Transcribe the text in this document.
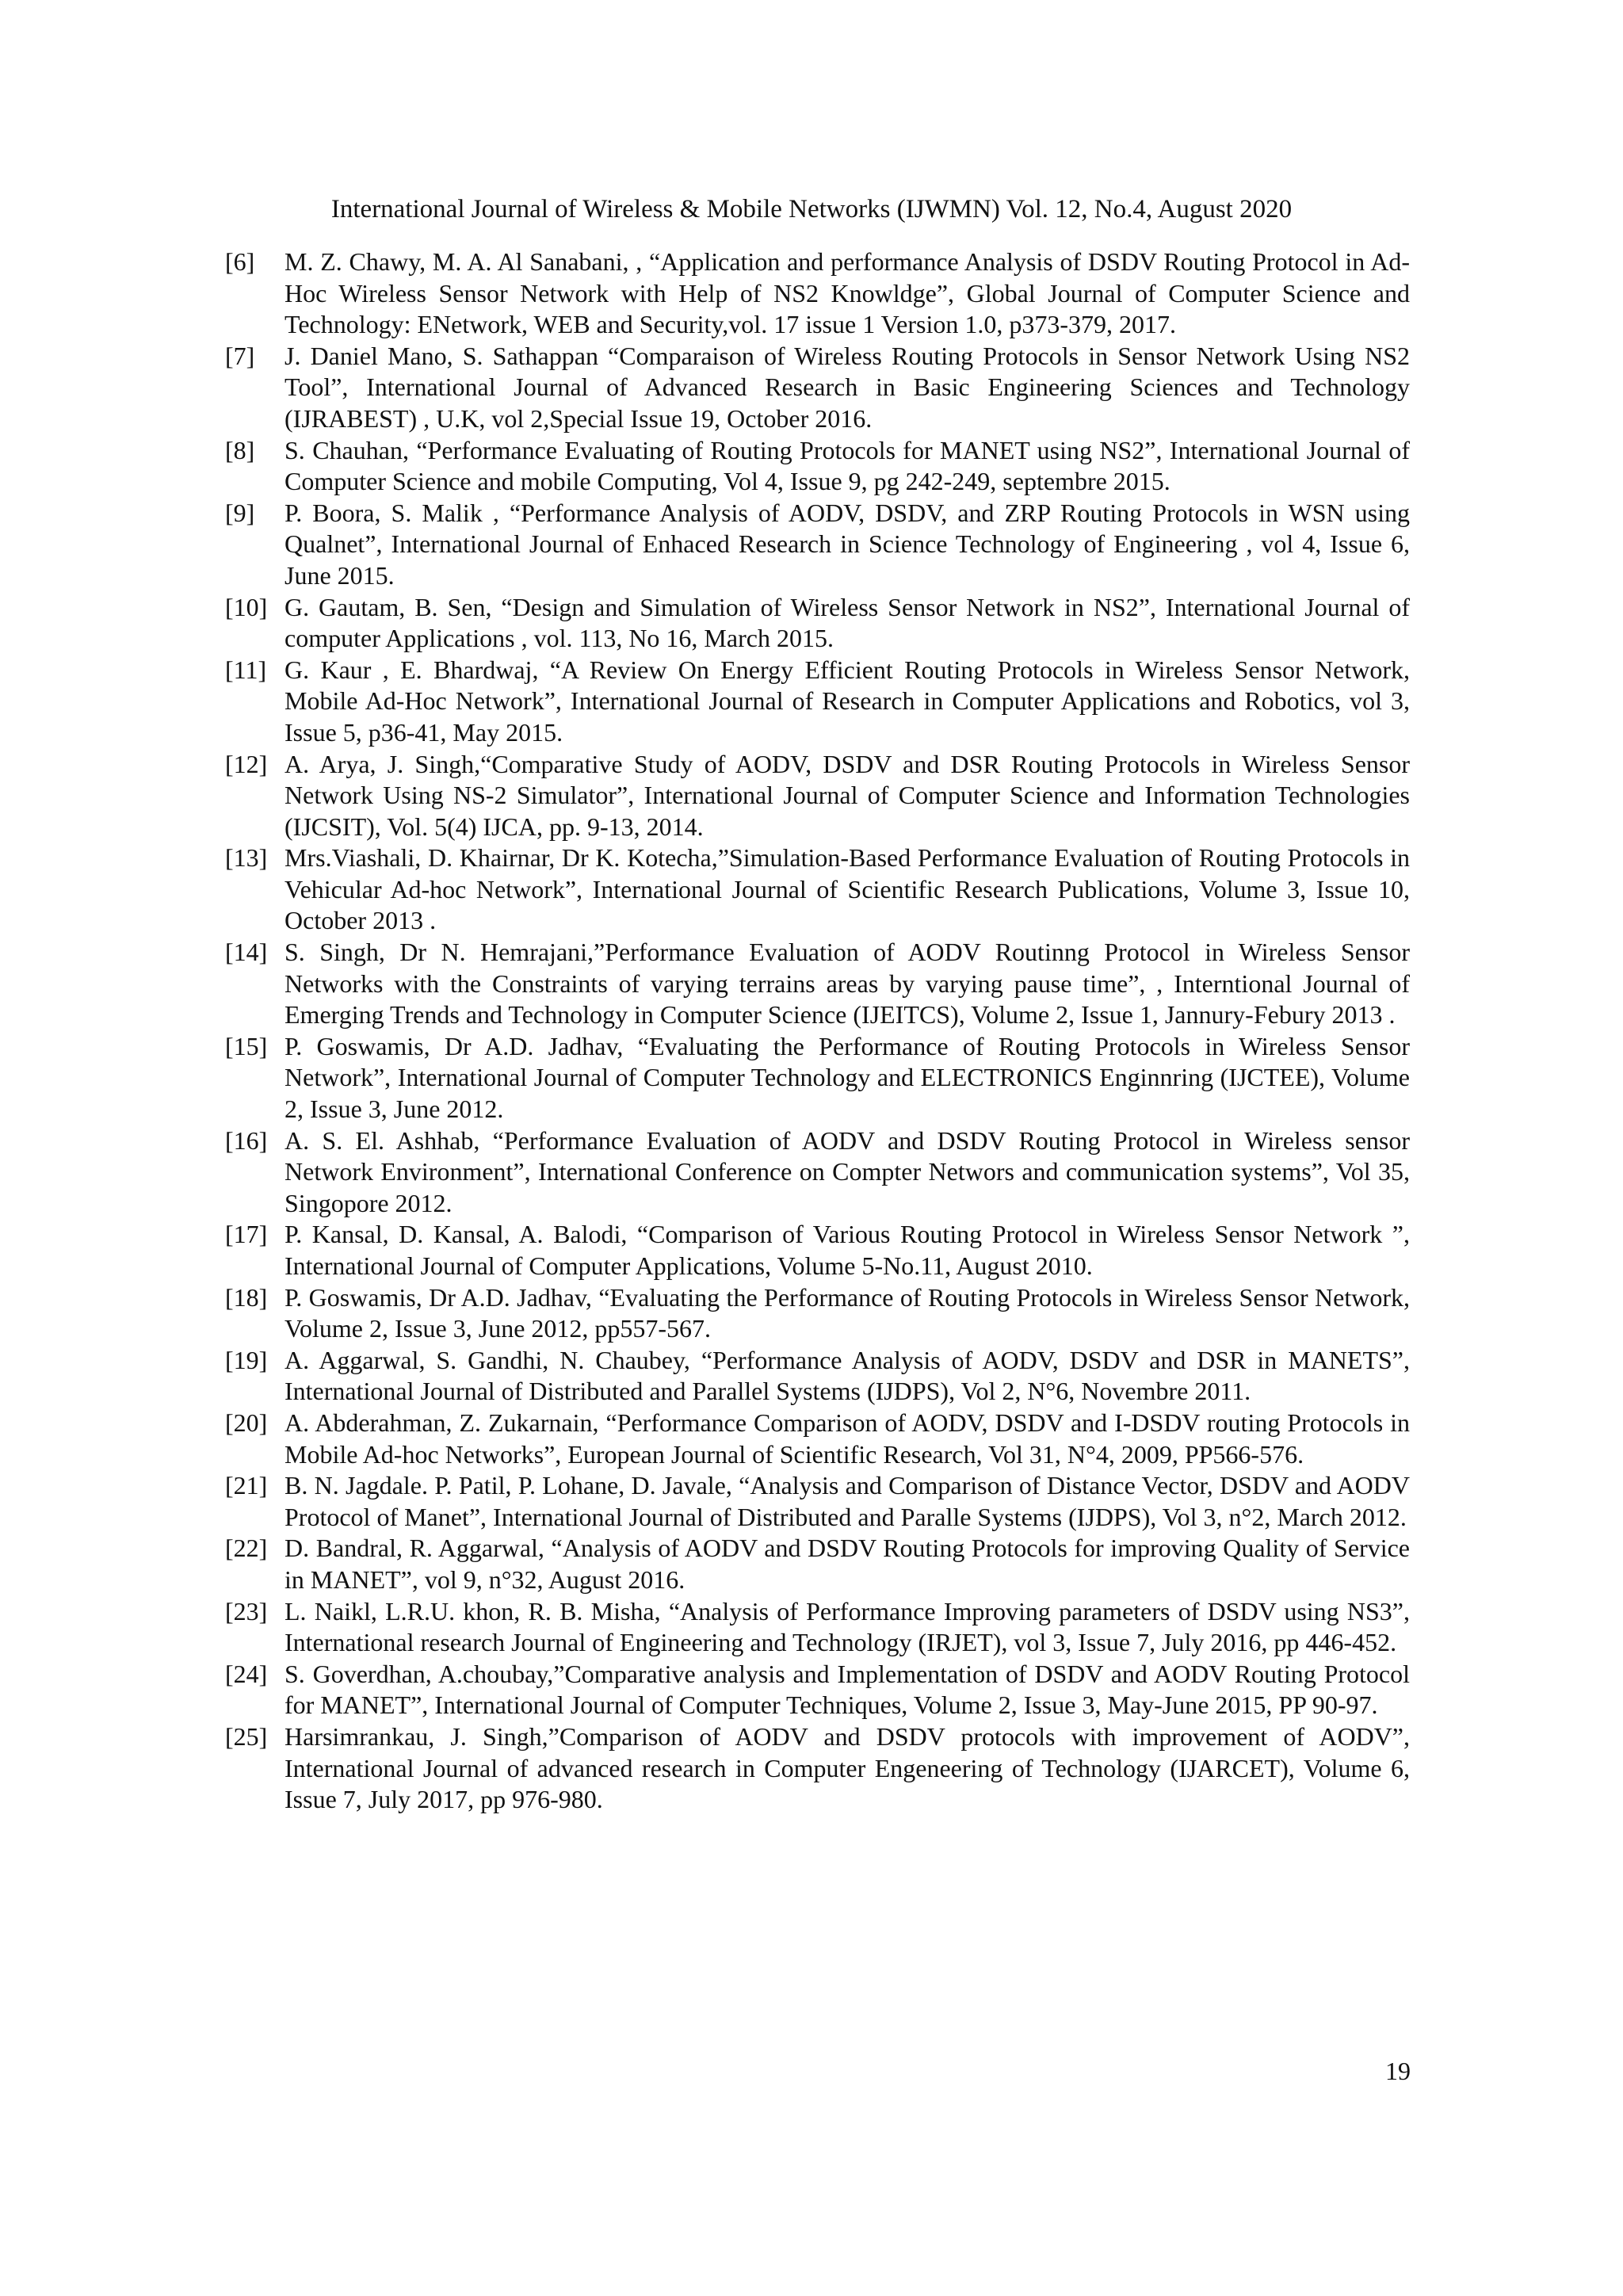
International Journal of Wireless & Mobile Networks (IJWMN) Vol. 12, No.4, August 2020
[6]	M. Z. Chawy, M. A. Al Sanabani, , “Application and performance Analysis of DSDV Routing Protocol in Ad-Hoc Wireless Sensor Network with Help of NS2 Knowldge”, Global Journal of Computer Science and Technology: ENetwork, WEB and Security,vol. 17 issue 1 Version 1.0, p373-379, 2017.
[7]	J. Daniel Mano, S. Sathappan “Comparaison of Wireless Routing Protocols in Sensor Network Using NS2 Tool”, International Journal of Advanced Research in Basic Engineering Sciences and Technology (IJRABEST) , U.K, vol 2,Special Issue 19, October 2016.
[8]	S. Chauhan, “Performance Evaluating of Routing Protocols for MANET using NS2”, International Journal of Computer Science and mobile Computing, Vol 4, Issue 9, pg 242-249, septembre 2015.
[9]	P. Boora, S. Malik , “Performance Analysis of AODV, DSDV, and ZRP Routing Protocols in WSN using Qualnet”, International Journal of Enhaced Research in Science Technology of Engineering , vol 4, Issue 6, June 2015.
[10] G. Gautam, B. Sen, “Design and Simulation of Wireless Sensor Network in NS2”, International Journal of computer Applications , vol. 113, No 16, March 2015.
[11] G. Kaur , E. Bhardwaj, “A Review On Energy Efficient Routing Protocols in Wireless Sensor Network, Mobile Ad-Hoc Network”, International Journal of Research in Computer Applications and Robotics, vol 3, Issue 5, p36-41, May 2015.
[12] A. Arya, J. Singh,“Comparative Study of AODV, DSDV and DSR Routing Protocols in Wireless Sensor Network Using NS-2 Simulator”, International Journal of Computer Science and Information Technologies (IJCSIT), Vol. 5(4) IJCA, pp. 9-13, 2014.
[13] Mrs.Viashali, D. Khairnar, Dr K. Kotecha,”Simulation-Based Performance Evaluation of Routing Protocols in Vehicular Ad-hoc Network”, International Journal of Scientific Research Publications, Volume 3, Issue 10, October 2013 .
[14] S. Singh, Dr N. Hemrajani,”Performance Evaluation of AODV Routinng Protocol in Wireless Sensor Networks with the Constraints of varying terrains areas by varying pause time”, , Interntional Journal of Emerging Trends and Technology in Computer Science (IJEITCS), Volume 2, Issue 1, Jannury-Febury 2013 .
[15] P. Goswamis, Dr A.D. Jadhav, “Evaluating the Performance of Routing Protocols in Wireless Sensor Network”, International Journal of Computer Technology and ELECTRONICS Enginnring (IJCTEE), Volume 2, Issue 3, June 2012.
[16] A. S. El. Ashhab, “Performance Evaluation of AODV and DSDV Routing Protocol in Wireless sensor Network Environment”, International Conference on Compter Networs and communication systems”, Vol 35, Singopore 2012.
[17] P. Kansal, D. Kansal, A. Balodi, “Comparison of Various Routing Protocol in Wireless Sensor Network ”, International Journal of Computer Applications, Volume 5-No.11, August 2010.
[18] P. Goswamis, Dr A.D. Jadhav, “Evaluating the Performance of Routing Protocols in Wireless Sensor Network, Volume 2, Issue 3, June 2012, pp557-567.
[19] A. Aggarwal, S. Gandhi, N. Chaubey, “Performance Analysis of AODV, DSDV and DSR in MANETS”, International Journal of Distributed and Parallel Systems (IJDPS), Vol 2, N°6, Novembre 2011.
[20] A. Abderahman, Z. Zukarnain, “Performance Comparison of AODV, DSDV and I-DSDV routing Protocols in Mobile Ad-hoc Networks”, European Journal of Scientific Research, Vol 31, N°4, 2009, PP566-576.
[21] B. N. Jagdale. P. Patil, P. Lohane, D. Javale, “Analysis and Comparison of Distance Vector, DSDV and AODV Protocol of Manet”, International Journal of Distributed and Paralle Systems (IJDPS), Vol 3, n°2, March 2012.
[22] D. Bandral, R. Aggarwal, “Analysis of AODV and DSDV Routing Protocols for improving Quality of Service in MANET”, vol 9, n°32, August 2016.
[23] L. Naikl, L.R.U. khon, R. B. Misha, “Analysis of Performance Improving parameters of DSDV using NS3”, International research Journal of Engineering and Technology (IRJET), vol 3, Issue 7, July 2016, pp 446-452.
[24] S. Goverdhan, A.choubay,”Comparative analysis and Implementation of DSDV and AODV Routing Protocol for MANET”, International Journal of Computer Techniques, Volume 2, Issue 3, May-June 2015, PP 90-97.
[25] Harsimrankau, J. Singh,”Comparison of AODV and DSDV protocols with improvement of AODV”, International Journal of advanced research in Computer Engeneering of Technology (IJARCET), Volume 6, Issue 7, July 2017, pp 976-980.
19
